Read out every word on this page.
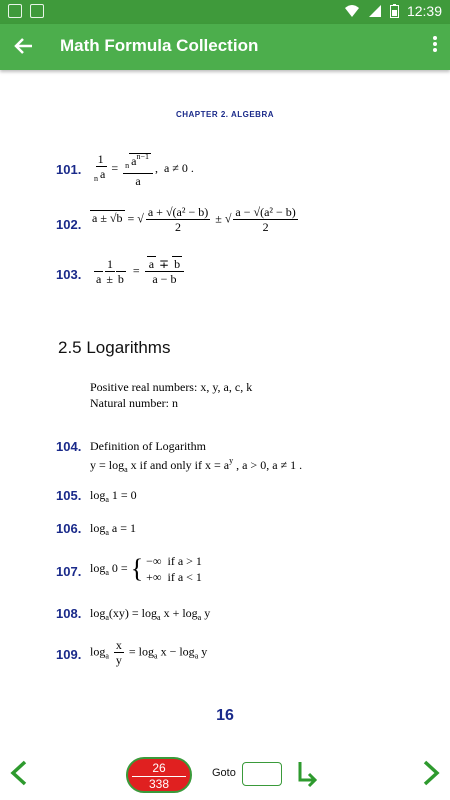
12:39
Math Formula Collection
CHAPTER 2. ALGEBRA
101. $\frac{1}{_n a} = \frac{_n a^{n-1}}{a}$ ,  a ≠ 0 .
102. a ± √b = √ $\frac{\text{a + √(a² − b)}}{2}$ ± √ $\frac{\text{a − √(a² − b)}}{2}$
103. $\frac{1}{a \pm b} = \frac{a \mp b}{a - b}$
2.5 Logarithms
Positive real numbers: x, y, a, c, k
Natural number: n
104. Definition of Logarithm
$y = \log_a x$ if and only if $x = a^y$ , a > 0, a ≠ 1 .
105. $\log_a 1 = 0$
106. $\log_a a = 1$
107. $\log_a 0$ = { −∞  if a > 1
+∞  if a < 1
108. $\log_a(xy) = \log_a x + \log_a y$
109. $\log_a \frac{x}{y} = \log_a x - \log_a y$
16
26
338
Goto
